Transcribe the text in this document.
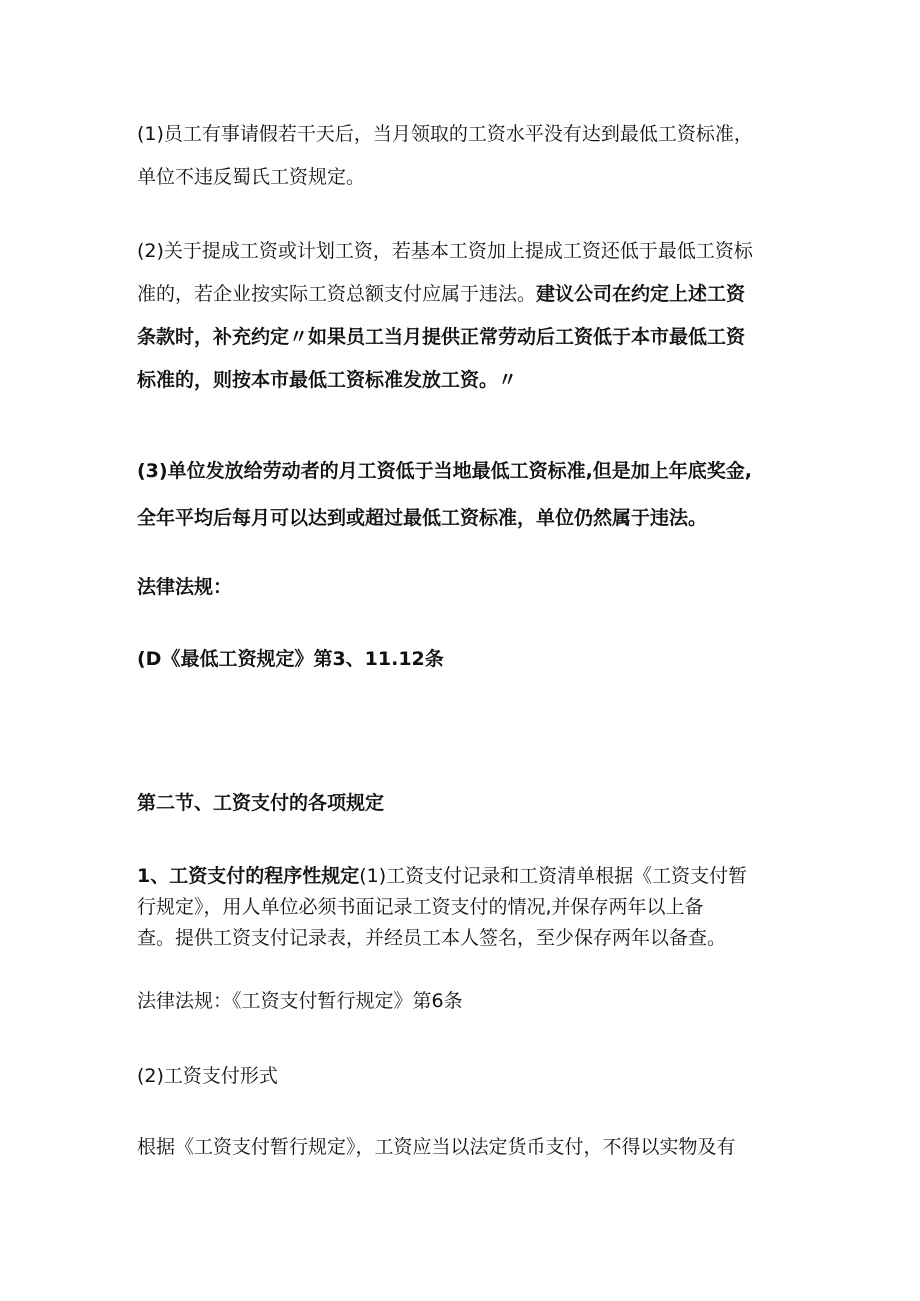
(1)员工有事请假若干天后，当月领取的工资水平没有达到最低工资标准，
单位不违反蜀氏工资规定。

(2)关于提成工资或计划工资，若基本工资加上提成工资还低于最低工资标
准的，若企业按实际工资总额支付应属于违法。建议公司在约定上述工资
条款时，补充约定〃如果员工当月提供正常劳动后工资低于本市最低工资
标准的，则按本市最低工资标准发放工资。〃

(3)单位发放给劳动者的月工资低于当地最低工资标准,但是加上年底奖金,
全年平均后每月可以达到或超过最低工资标准，单位仍然属于违法。

法律法规：

(D《最低工资规定》第3、11.12条

第二节、工资支付的各项规定

1、工资支付的程序性规定(1)工资支付记录和工资清单根据《工资支付暂
行规定》，用人单位必须书面记录工资支付的情况,并保存两年以上备
查。提供工资支付记录表，并经员工本人签名，至少保存两年以备查。

法律法规：《工资支付暂行规定》第6条

(2)工资支付形式

根据《工资支付暂行规定》，工资应当以法定货币支付，不得以实物及有
